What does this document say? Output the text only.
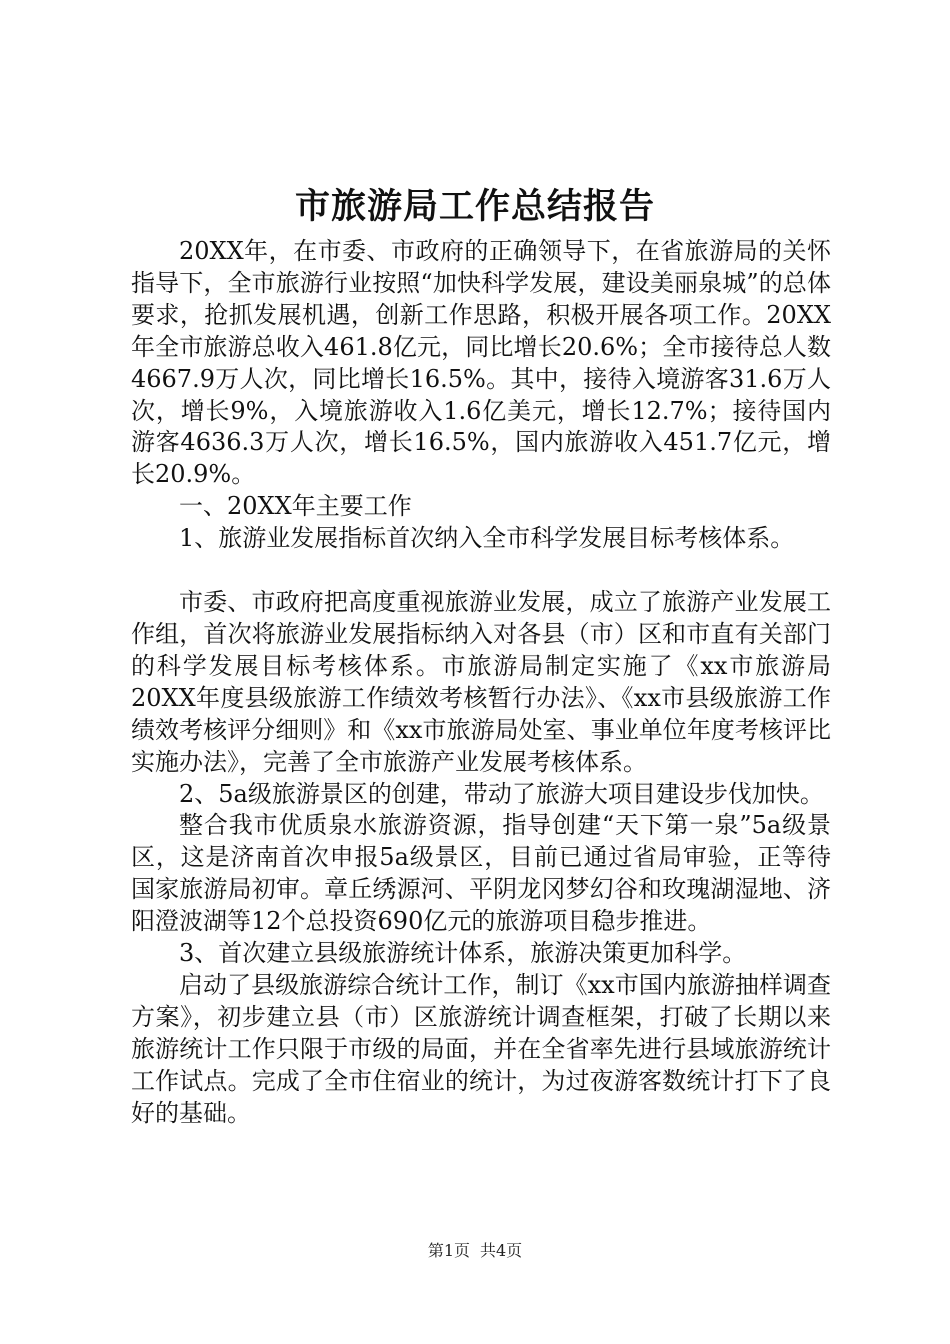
市旅游局工作总结报告

20XX年，在市委、市政府的正确领导下，在省旅游局的关怀指导下，全市旅游行业按照“加快科学发展，建设美丽泉城”的总体要求，抢抓发展机遇，创新工作思路，积极开展各项工作。20XX年全市旅游总收入461.8亿元，同比增长20.6%；全市接待总人数4667.9万人次，同比增长16.5%。其中，接待入境游客31.6万人次，增长9%，入境旅游收入1.6亿美元，增长12.7%；接待国内游客4636.3万人次，增长16.5%，国内旅游收入451.7亿元，增长20.9%。

一、20XX年主要工作

1、旅游业发展指标首次纳入全市科学发展目标考核体系。

市委、市政府把高度重视旅游业发展，成立了旅游产业发展工作组，首次将旅游业发展指标纳入对各县（市）区和市直有关部门的科学发展目标考核体系。市旅游局制定实施了《xx市旅游局20XX年度县级旅游工作绩效考核暂行办法》、《xx市县级旅游工作绩效考核评分细则》和《xx市旅游局处室、事业单位年度考核评比实施办法》，完善了全市旅游产业发展考核体系。

2、5a级旅游景区的创建，带动了旅游大项目建设步伐加快。

整合我市优质泉水旅游资源，指导创建“天下第一泉”5a级景区，这是济南首次申报5a级景区，目前已通过省局审验，正等待国家旅游局初审。章丘绣源河、平阴龙冈梦幻谷和玫瑰湖湿地、济阳澄波湖等12个总投资690亿元的旅游项目稳步推进。

3、首次建立县级旅游统计体系，旅游决策更加科学。

启动了县级旅游综合统计工作，制订《xx市国内旅游抽样调查方案》，初步建立县（市）区旅游统计调查框架，打破了长期以来旅游统计工作只限于市级的局面，并在全省率先进行县域旅游统计工作试点。完成了全市住宿业的统计，为过夜游客数统计打下了良好的基础。

第1页 共4页
